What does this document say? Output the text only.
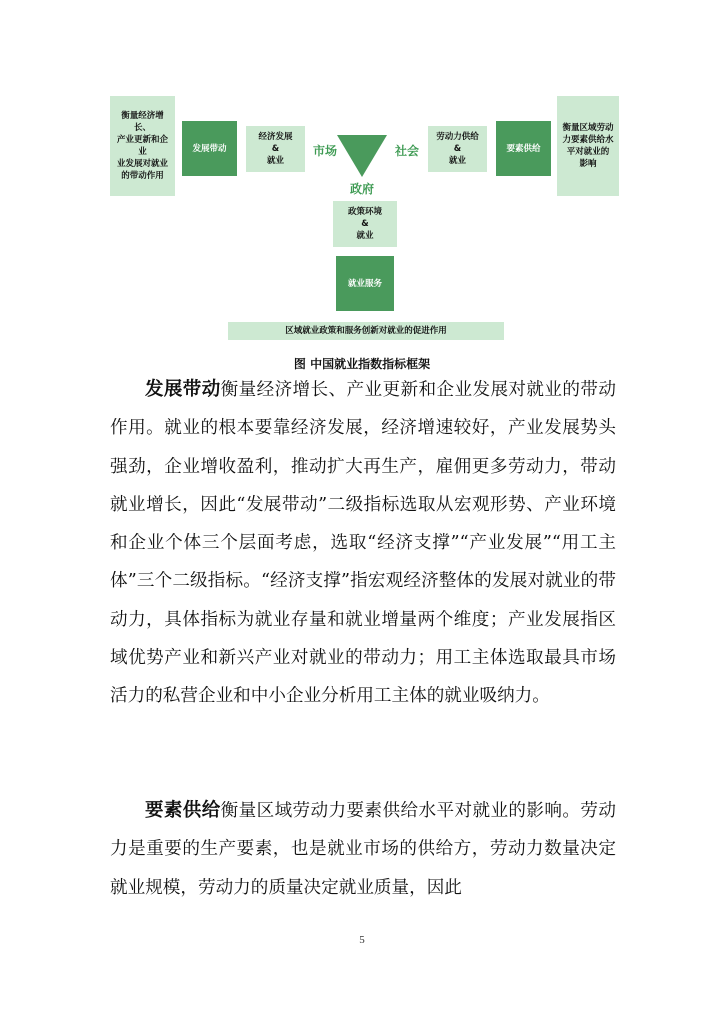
衡量经济增长、
产业更新和企业
业发展对就业
的带动作用
发展带动
经济发展
&
就业
市场	社会
政府
劳动力供给
&
就业
要素供给
衡量区域劳动
力要素供给水
平对就业的
影响
政策环境
&
就业
就业服务
区域就业政策和服务创新对就业的促进作用
图 中国就业指数指标框架

发展带动衡量经济增长、产业更新和企业发展对就业的带动作用。就业的根本要靠经济发展，经济增速较好，产业发展势头强劲，企业增收盈利，推动扩大再生产，雇佣更多劳动力，带动就业增长，因此“发展带动”二级指标选取从宏观形势、产业环境和企业个体三个层面考虑，选取“经济支撑”“产业发展”“用工主体”三个二级指标。“经济支撑”指宏观经济整体的发展对就业的带动力，具体指标为就业存量和就业增量两个维度；产业发展指区域优势产业和新兴产业对就业的带动力；用工主体选取最具市场活力的私营企业和中小企业分析用工主体的就业吸纳力。

要素供给衡量区域劳动力要素供给水平对就业的影响。劳动力是重要的生产要素，也是就业市场的供给方，劳动力数量决定就业规模，劳动力的质量决定就业质量，因此

5
